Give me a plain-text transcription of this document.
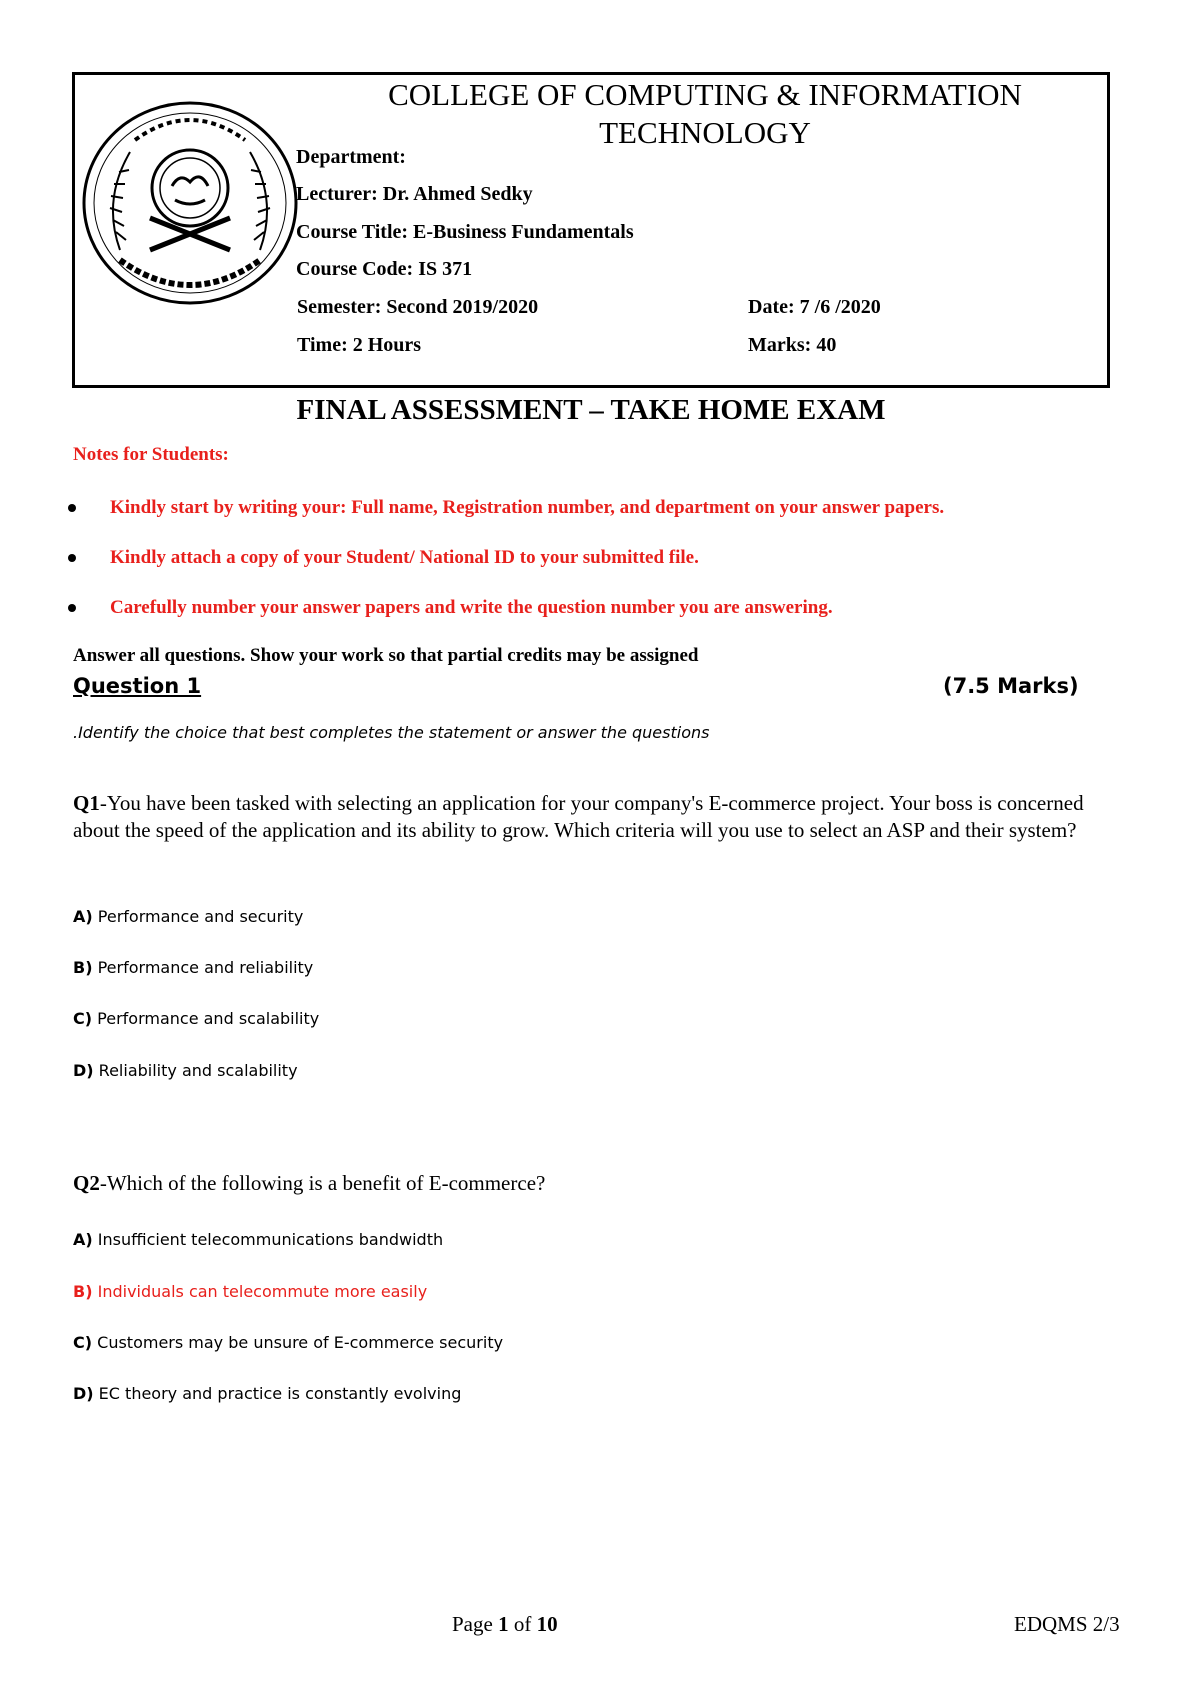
COLLEGE OF COMPUTING & INFORMATION TECHNOLOGY
Department:
Lecturer: Dr. Ahmed Sedky
Course Title: E-Business Fundamentals
Course Code: IS 371
Semester: Second 2019/2020	Date: 7 /6 /2020
Time: 2 Hours	Marks: 40
FINAL ASSESSMENT – TAKE HOME EXAM
Notes for Students:
Kindly start by writing your: Full name, Registration number, and department on your answer papers.
Kindly attach a copy of your Student/ National ID to your submitted file.
Carefully number your answer papers and write the question number you are answering.
Answer all questions. Show your work so that partial credits may be assigned
Question 1	(7.5 Marks)
.Identify the choice that best completes the statement or answer the questions
Q1-You have been tasked with selecting an application for your company's E-commerce project. Your boss is concerned about the speed of the application and its ability to grow. Which criteria will you use to select an ASP and their system?
A) Performance and security
B) Performance and reliability
C) Performance and scalability
D) Reliability and scalability
Q2-Which of the following is a benefit of E-commerce?
A) Insufficient telecommunications bandwidth
B) Individuals can telecommute more easily
C) Customers may be unsure of E-commerce security
D) EC theory and practice is constantly evolving
Page 1 of 10	EDQMS 2/3
